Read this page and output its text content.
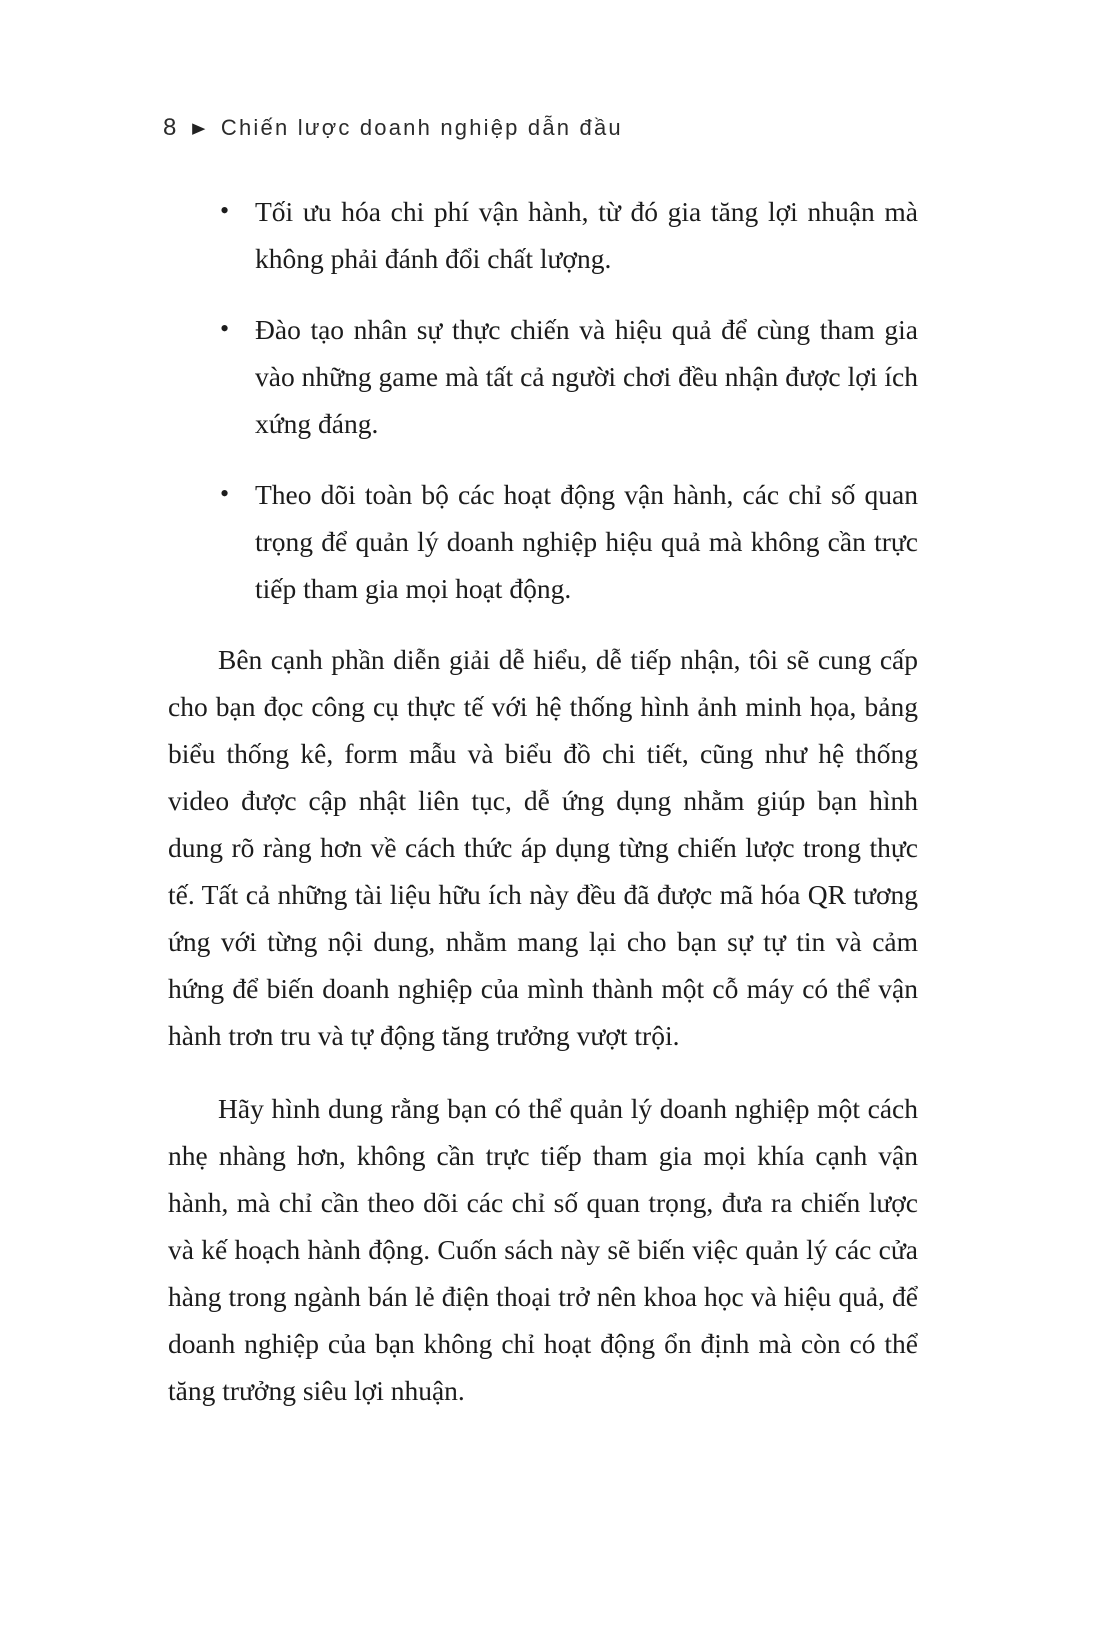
8 ▶ Chiến lược doanh nghiệp dẫn đầu
• Tối ưu hóa chi phí vận hành, từ đó gia tăng lợi nhuận mà không phải đánh đổi chất lượng.
• Đào tạo nhân sự thực chiến và hiệu quả để cùng tham gia vào những game mà tất cả người chơi đều nhận được lợi ích xứng đáng.
• Theo dõi toàn bộ các hoạt động vận hành, các chỉ số quan trọng để quản lý doanh nghiệp hiệu quả mà không cần trực tiếp tham gia mọi hoạt động.

Bên cạnh phần diễn giải dễ hiểu, dễ tiếp nhận, tôi sẽ cung cấp cho bạn đọc công cụ thực tế với hệ thống hình ảnh minh họa, bảng biểu thống kê, form mẫu và biểu đồ chi tiết, cũng như hệ thống video được cập nhật liên tục, dễ ứng dụng nhằm giúp bạn hình dung rõ ràng hơn về cách thức áp dụng từng chiến lược trong thực tế. Tất cả những tài liệu hữu ích này đều đã được mã hóa QR tương ứng với từng nội dung, nhằm mang lại cho bạn sự tự tin và cảm hứng để biến doanh nghiệp của mình thành một cỗ máy có thể vận hành trơn tru và tự động tăng trưởng vượt trội.

Hãy hình dung rằng bạn có thể quản lý doanh nghiệp một cách nhẹ nhàng hơn, không cần trực tiếp tham gia mọi khía cạnh vận hành, mà chỉ cần theo dõi các chỉ số quan trọng, đưa ra chiến lược và kế hoạch hành động. Cuốn sách này sẽ biến việc quản lý các cửa hàng trong ngành bán lẻ điện thoại trở nên khoa học và hiệu quả, để doanh nghiệp của bạn không chỉ hoạt động ổn định mà còn có thể tăng trưởng siêu lợi nhuận.
